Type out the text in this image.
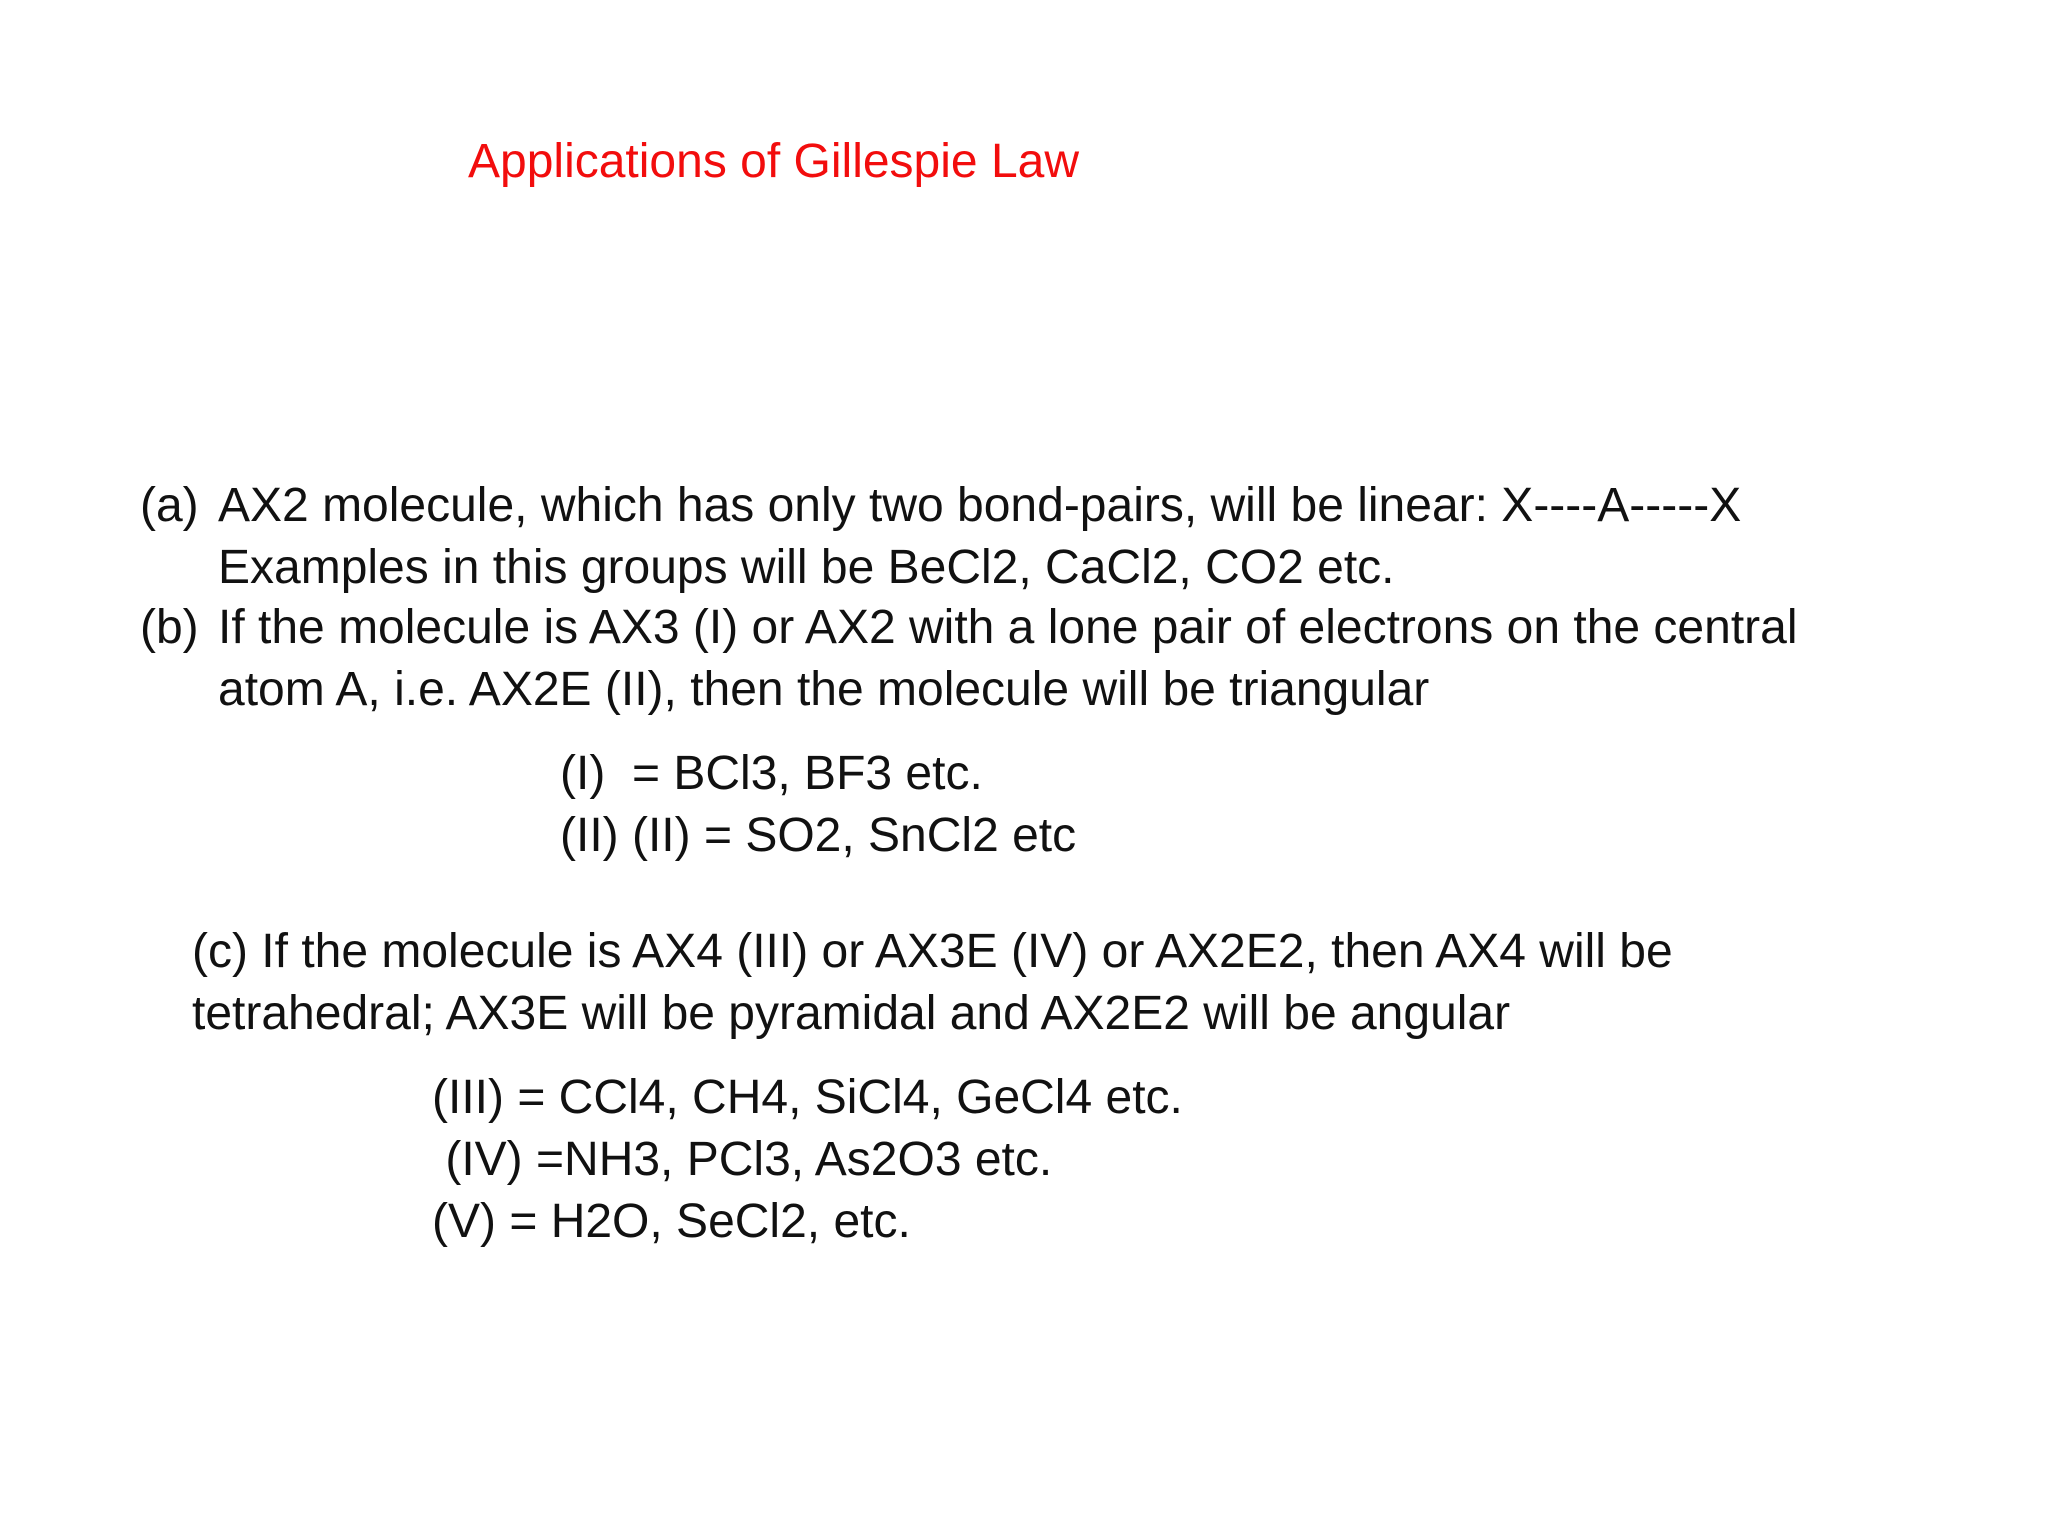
Applications of Gillespie Law
(a) AX2 molecule, which has only two bond-pairs, will be linear: X----A-----X
Examples in this groups will be BeCl2, CaCl2, CO2 etc.
(b) If the molecule is AX3 (I) or AX2 with a lone pair of electrons on the central
atom A, i.e. AX2E (II), then the molecule will be triangular
(I)  = BCl3, BF3 etc.
(II) (II) = SO2, SnCl2 etc
(c) If the molecule is AX4 (III) or AX3E (IV) or AX2E2, then AX4 will be
tetrahedral; AX3E will be pyramidal and AX2E2 will be angular
(III) = CCl4, CH4, SiCl4, GeCl4 etc.
(IV) =NH3, PCl3, As2O3 etc.
(V) = H2O, SeCl2, etc.
